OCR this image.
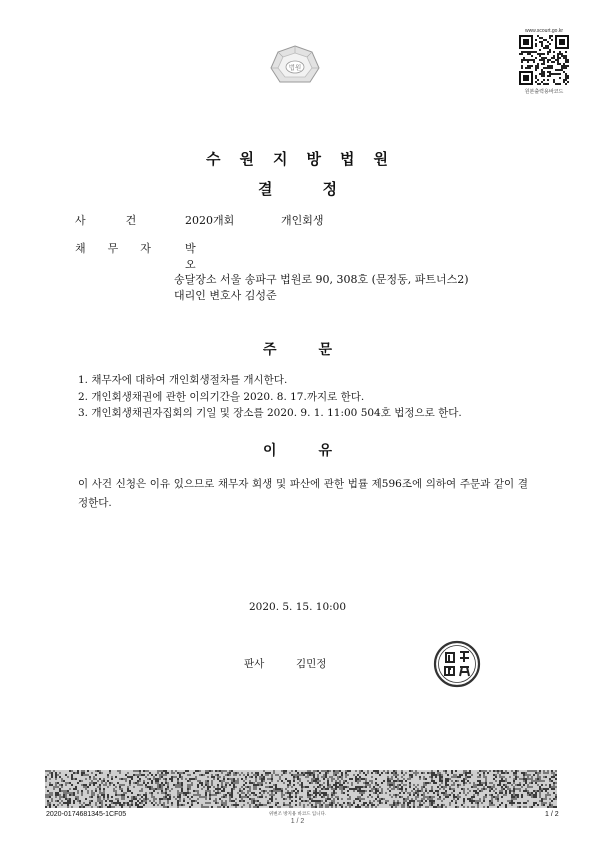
법원
www.scourt.go.kr
원본출력용바코드
수원지방법원
결정
사건 2020개회	개인회생
채무자 박
오
송달장소 서울 송파구 법원로 90, 308호 (문정동, 파트너스2)
대리인 변호사 김성준
주문
1. 채무자에 대하여 개인회생절차를 개시한다.
2. 개인회생채권에 관한 이의기간을 2020. 8. 17.까지로 한다.
3. 개인회생채권자집회의 기일 및 장소를 2020. 9. 1. 11:00 504호 법정으로 한다.
이유
이 사건 신청은 이유 있으므로 채무자 회생 및 파산에 관한 법률 제596조에 의하여 주문과 같이 결정한다.
2020. 5. 15. 10:00
판사	김민정
2020-0174681345-1CF05	위변조 방지용 바코드 입니다.
1 / 2
1 / 2
